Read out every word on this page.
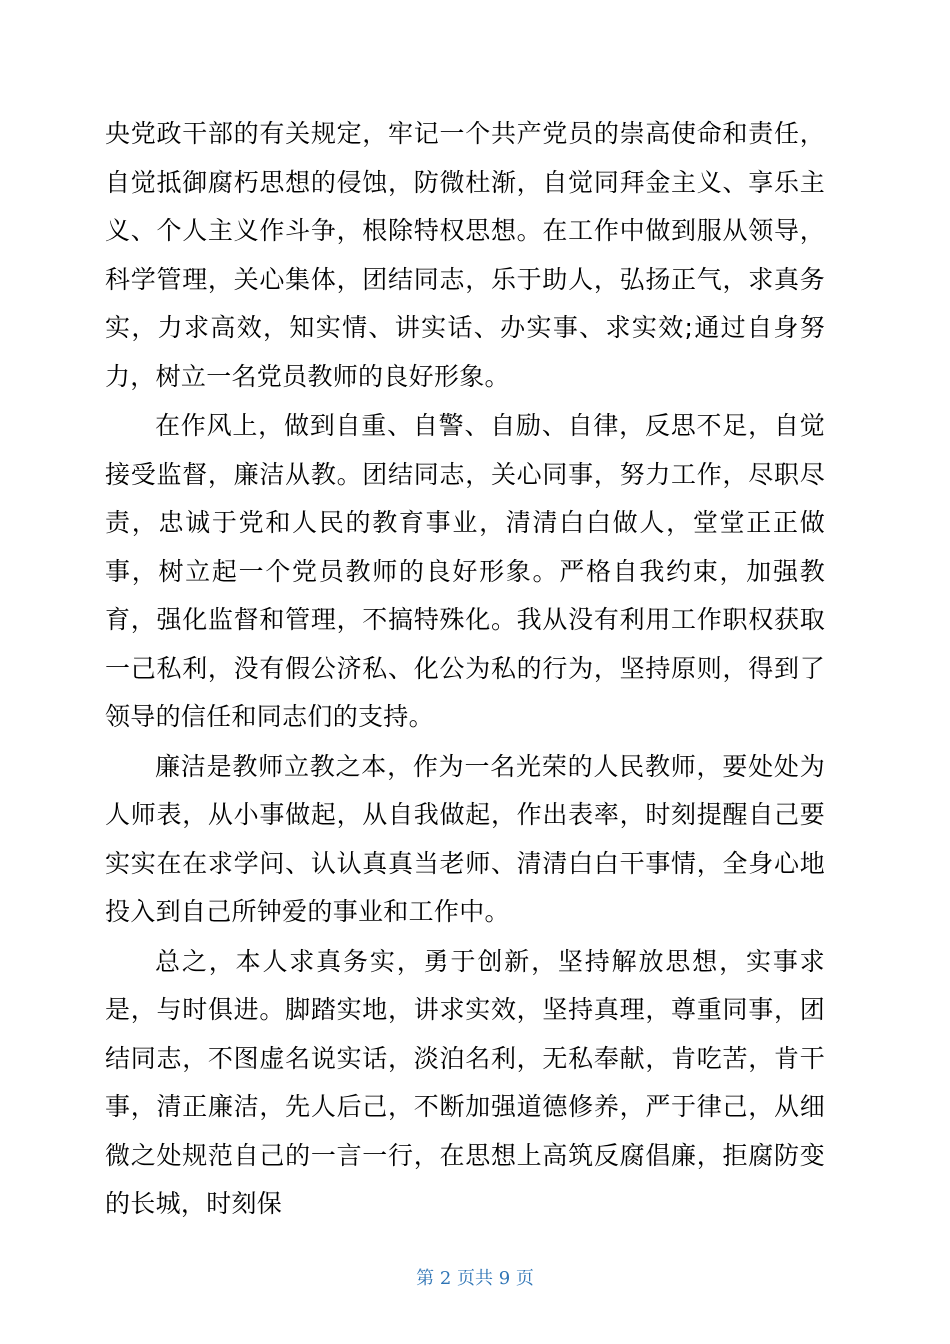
央党政干部的有关规定，牢记一个共产党员的崇高使命和责任，自觉抵御腐朽思想的侵蚀，防微杜渐，自觉同拜金主义、享乐主义、个人主义作斗争，根除特权思想。在工作中做到服从领导，科学管理，关心集体，团结同志，乐于助人，弘扬正气，求真务实，力求高效，知实情、讲实话、办实事、求实效;通过自身努力，树立一名党员教师的良好形象。

在作风上，做到自重、自警、自励、自律，反思不足，自觉接受监督，廉洁从教。团结同志，关心同事，努力工作，尽职尽责，忠诚于党和人民的教育事业，清清白白做人，堂堂正正做事，树立起一个党员教师的良好形象。严格自我约束，加强教育，强化监督和管理，不搞特殊化。我从没有利用工作职权获取一己私利，没有假公济私、化公为私的行为，坚持原则，得到了领导的信任和同志们的支持。

廉洁是教师立教之本，作为一名光荣的人民教师，要处处为人师表，从小事做起，从自我做起，作出表率，时刻提醒自己要实实在在求学问、认认真真当老师、清清白白干事情，全身心地投入到自己所钟爱的事业和工作中。

总之，本人求真务实，勇于创新，坚持解放思想，实事求是，与时俱进。脚踏实地，讲求实效，坚持真理，尊重同事，团结同志，不图虚名说实话，淡泊名利，无私奉献，肯吃苦，肯干事，清正廉洁，先人后己，不断加强道德修养，严于律己，从细微之处规范自己的一言一行，在思想上高筑反腐倡廉，拒腐防变的长城，时刻保

第 2 页共 9 页
